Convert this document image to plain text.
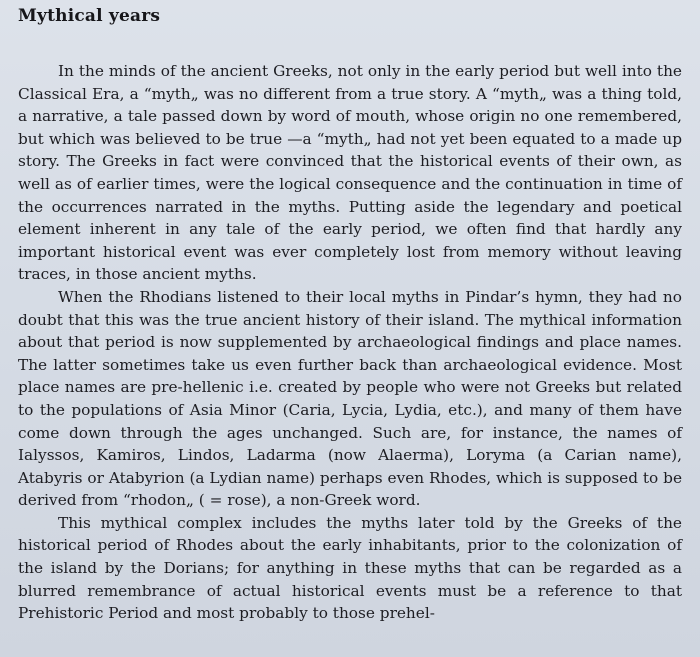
Mythical years

In the minds of the ancient Greeks, not only in the early period but well into the Classical Era, a “myth„ was no different from a true story. A “myth„ was a thing told, a narrative, a tale passed down by word of mouth, whose origin no one remembered, but which was believed to be true —a “myth„ had not yet been equated to a made up story. The Greeks in fact were convinced that the historical events of their own, as well as of earlier times, were the logical consequence and the continuation in time of the occurrences narrated in the myths. Putting aside the legendary and poetical element inherent in any tale of the early period, we often find that hardly any important historical event was ever completely lost from memory without leaving traces, in those ancient myths.

When the Rhodians listened to their local myths in Pindar’s hymn, they had no doubt that this was the true ancient history of their island. The mythical information about that period is now supplemented by archaeological findings and place names. The latter sometimes take us even further back than archaeological evidence. Most place names are pre-hellenic i.e. created by people who were not Greeks but related to the populations of Asia Minor (Caria, Lycia, Lydia, etc.), and many of them have come down through the ages unchanged. Such are, for instance, the names of Ialyssos, Kamiros, Lindos, Ladarma (now Alaerma), Loryma (a Carian name), Atabyris or Atabyrion (a Lydian name) perhaps even Rhodes, which is supposed to be derived from “rhodon„ ( = rose), a non-Greek word.

This mythical complex includes the myths later told by the Greeks of the historical period of Rhodes about the early inhabitants, prior to the colonization of the island by the Dorians; for anything in these myths that can be regarded as a blurred remembrance of actual historical events must be a reference to that Prehistoric Period and most probably to those prehel-
